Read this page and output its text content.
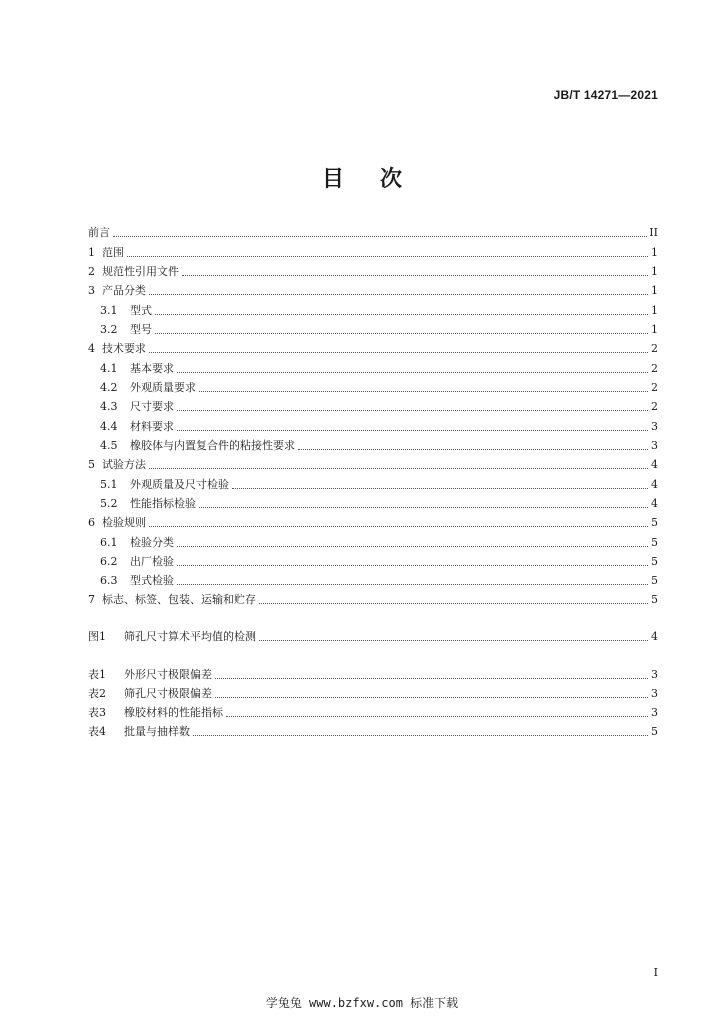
JB/T 14271—2021
目 次
前言	II
1 范围	1
2 规范性引用文件	1
3 产品分类	1
3.1	型式	1
3.2	型号	1
4 技术要求	2
4.1	基本要求	2
4.2	外观质量要求	2
4.3	尺寸要求	2
4.4	材料要求	3
4.5	橡胶体与内置复合件的粘接性要求	3
5 试验方法	4
5.1	外观质量及尺寸检验	4
5.2	性能指标检验	4
6 检验规则	5
6.1	检验分类	5
6.2	出厂检验	5
6.3	型式检验	5
7 标志、标签、包装、运输和贮存	5
图1	筛孔尺寸算术平均值的检测	4
表1	外形尺寸极限偏差	3
表2	筛孔尺寸极限偏差	3
表3	橡胶材料的性能指标	3
表4	批量与抽样数	5
I
学兔兔 www.bzfxw.com 标准下载
